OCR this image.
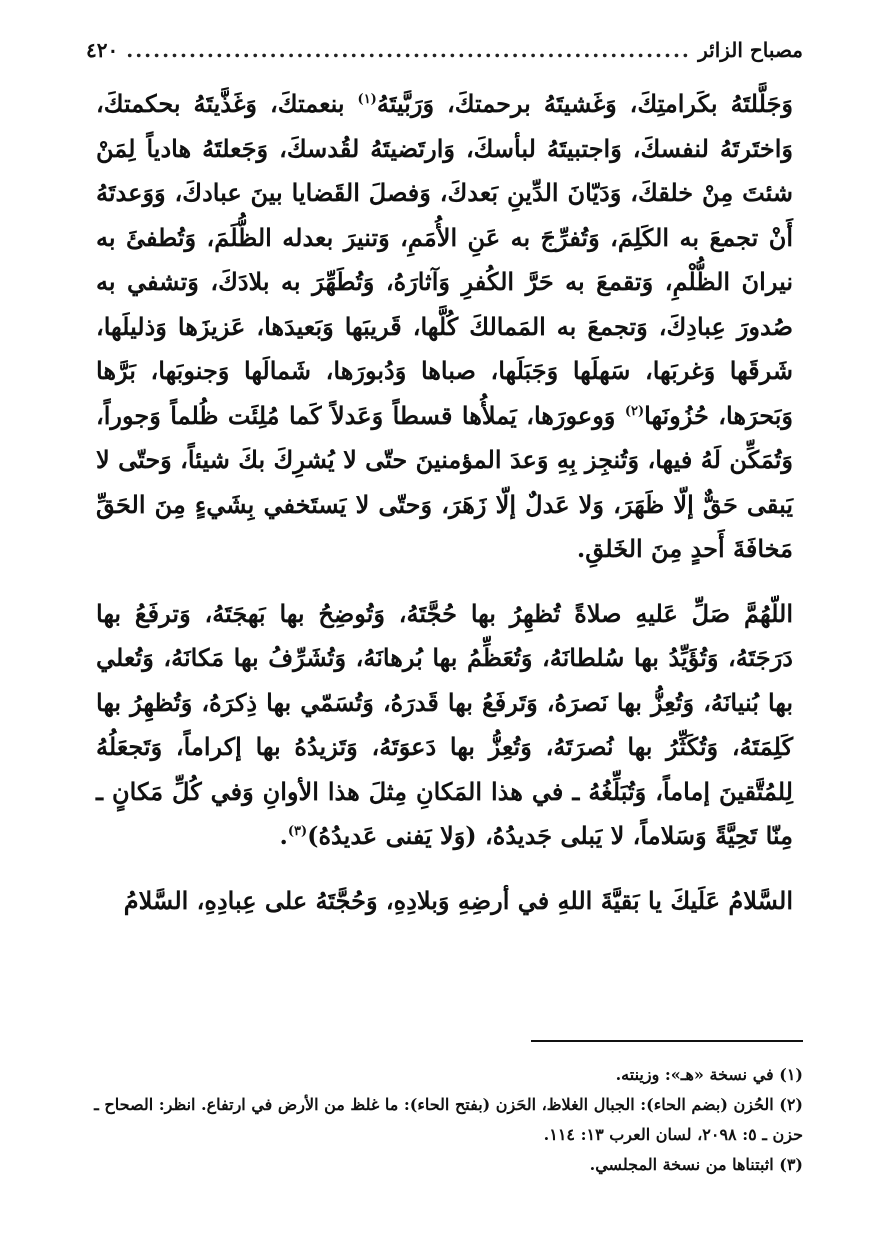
٤٢٠ .....	مصباح الزائر

وَجَلَّلتَهُ بكَرامتِكَ، وَغَشيتَهُ برحمتكَ، وَرَبَّيتَهُ$^{(١)}$ بنعمتكَ، وَغَذَّيتَهُ بحكمتكَ، وَاختَرتَهُ لنفسكَ، وَاجتبيتَهُ لبأسكَ، وَارتَضيتَهُ لقُدسكَ، وَجَعلتَهُ هادياً لِمَنْ شئتَ مِنْ خلقكَ، وَدَيّانَ الدِّينِ بَعدكَ، وَفصلَ القَضايا بينَ عبادكَ، وَوَعدتَهُ أَنْ تجمعَ به الكَلِمَ، وَتُفرِّجَ به عَنِ الأُمَمِ، وَتنيرَ بعدله الظُّلَمَ، وَتُطفئَ به نيرانَ الظُّلْمِ، وَتقمعَ به حَرَّ الكُفرِ وَآثارَهُ، وَتُطَهِّرَ به بلادَكَ، وَتشفي به صُدورَ عِبادِكَ، وَتجمعَ به المَمالكَ كُلَّها، قَريبَها وَبَعيدَها، عَزيزَها وَذليلَها، شَرقَها وَغربَها، سَهلَها وَجَبَلَها، صباها وَدُبورَها، شَمالَها وَجنوبَها، بَرَّها وَبَحرَها، حُزُونَها$^{(٢)}$ وَوعورَها، يَملأُها قسطاً وَعَدلاً كَما مُلِئَت ظُلماً وَجوراً، وَتُمَكِّن لَهُ فيها، وَتُنجِز بِهِ وَعدَ المؤمنينَ حتّى لا يُشرِكَ بكَ شيئاً، وَحتّى لا يَبقى حَقٌّ إلّا ظَهَرَ، وَلا عَدلٌ إلّا زَهَرَ، وَحتّى لا يَستَخفي بِشَيءٍ مِنَ الحَقِّ مَخافَةَ أَحدٍ مِنَ الخَلقِ.

اللّهُمَّ صَلِّ عَليهِ صلاةً تُظهِرُ بها حُجَّتَهُ، وَتُوضِحُ بها بَهجَتَهُ، وَترفَعُ بها دَرَجَتَهُ، وَتُؤَيِّدُ بها سُلطانَهُ، وَتُعَظِّمُ بها بُرهانَهُ، وَتُشَرِّفُ بها مَكانَهُ، وَتُعلي بها بُنيانَهُ، وَتُعِزُّ بها نَصرَهُ، وَتَرفَعُ بها قَدرَهُ، وَتُسَمّي بها ذِكرَهُ، وَتُظهِرُ بها كَلِمَتَهُ، وَتُكَثِّرُ بها نُصرَتَهُ، وَتُعِزُّ بها دَعوَتَهُ، وَتَزيدُهُ بها إكراماً، وَتَجعَلُهُ لِلمُتَّقينَ إماماً، وَتُبَلِّغُهُ ـ في هذا المَكانِ مِثلَ هذا الأوانِ وَفي كُلِّ مَكانٍ ـ مِنّا تَحِيَّةً وَسَلاماً، لا يَبلى جَديدُهُ، (وَلا يَفنى عَديدُهُ)$^{(٣)}$.

السَّلامُ عَلَيكَ يا بَقيَّةَ اللهِ في أرضِهِ وَبلادِهِ، وَحُجَّتَهُ على عِبادِهِ، السَّلامُ

(١) في نسخة «هـ»: وزينته.

(٢) الحُزن (بضم الحاء): الجبال الغلاظ، الحَزن (بفتح الحاء): ما غلظ من الأرض في ارتفاع. انظر: الصحاح ـ حزن ـ ٥: ٢٠٩٨، لسان العرب ١٣: ١١٤.

(٣) اثبتناها من نسخة المجلسي.
